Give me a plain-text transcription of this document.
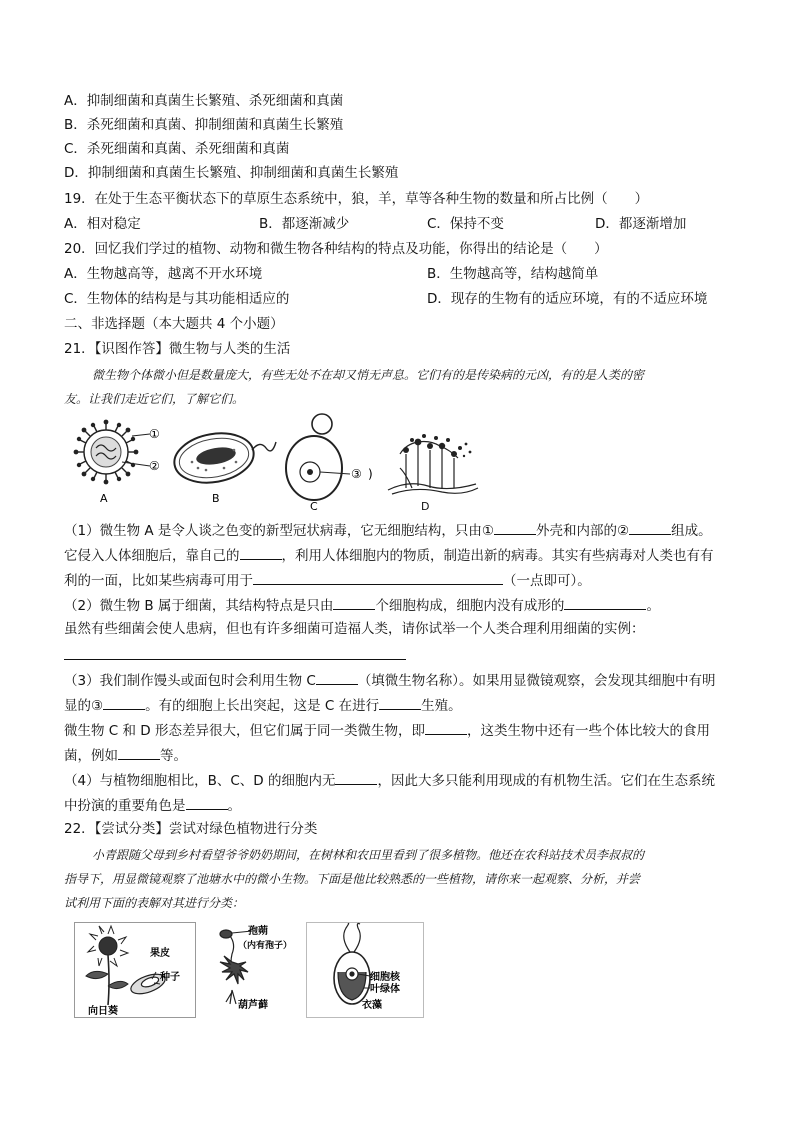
A．抑制细菌和真菌生长繁殖、杀死细菌和真菌
B．杀死细菌和真菌、抑制细菌和真菌生长繁殖
C．杀死细菌和真菌、杀死细菌和真菌
D．抑制细菌和真菌生长繁殖、抑制细菌和真菌生长繁殖
19．在处于生态平衡状态下的草原生态系统中，狼，羊，草等各种生物的数量和所占比例（　　）
A．相对稳定	B．都逐渐减少	C．保持不变	D．都逐渐增加
20．回忆我们学过的植物、动物和微生物各种结构的特点及功能，你得出的结论是（　　）
A．生物越高等，越离不开水环境	B．生物越高等，结构越简单
C．生物体的结构是与其功能相适应的	D．现存的生物有的适应环境，有的不适应环境
二、非选择题（本大题共 4 个小题）
21．【识图作答】微生物与人类的生活
微生物个体微小但是数量庞大，有些无处不在却又悄无声息。它们有的是传染病的元凶，有的是人类的密
友。让我们走近它们，了解它们。
①
②
A	B
③
C
)
D
（1）微生物 A 是令人谈之色变的新型冠状病毒，它无细胞结构，只由①	外壳和内部的②	组成。
它侵入人体细胞后，靠自己的	，利用人体细胞内的物质，制造出新的病毒。其实有些病毒对人类也有有
利的一面，比如某些病毒可用于	（一点即可）。
（2）微生物 B 属于细菌，其结构特点是只由	个细胞构成，细胞内没有成形的	。
虽然有些细菌会使人患病，但也有许多细菌可造福人类，请你试举一个人类合理利用细菌的实例：
（3）我们制作馒头或面包时会利用生物 C	（填微生物名称）。如果用显微镜观察，会发现其细胞中有明
显的③	。有的细胞上长出突起，这是 C 在进行	生殖。
微生物 C 和 D 形态差异很大，但它们属于同一类微生物，即	，这类生物中还有一些个体比较大的食用
菌，例如	等。
（4）与植物细胞相比，B、C、D 的细胞内无	，因此大多只能利用现成的有机物生活。它们在生态系统
中扮演的重要角色是	。
22．【尝试分类】尝试对绿色植物进行分类
小青跟随父母到乡村看望爷爷奶奶期间，在树林和农田里看到了很多植物。他还在农科站技术员李叔叔的
指导下，用显微镜观察了池塘水中的微小生物。下面是他比较熟悉的一些植物，请你来一起观察、分析，并尝
试利用下面的表解对其进行分类：
果皮
种子
向日葵
孢蒴
（内有孢子）
葫芦藓
细胞核
叶绿体
衣藻
